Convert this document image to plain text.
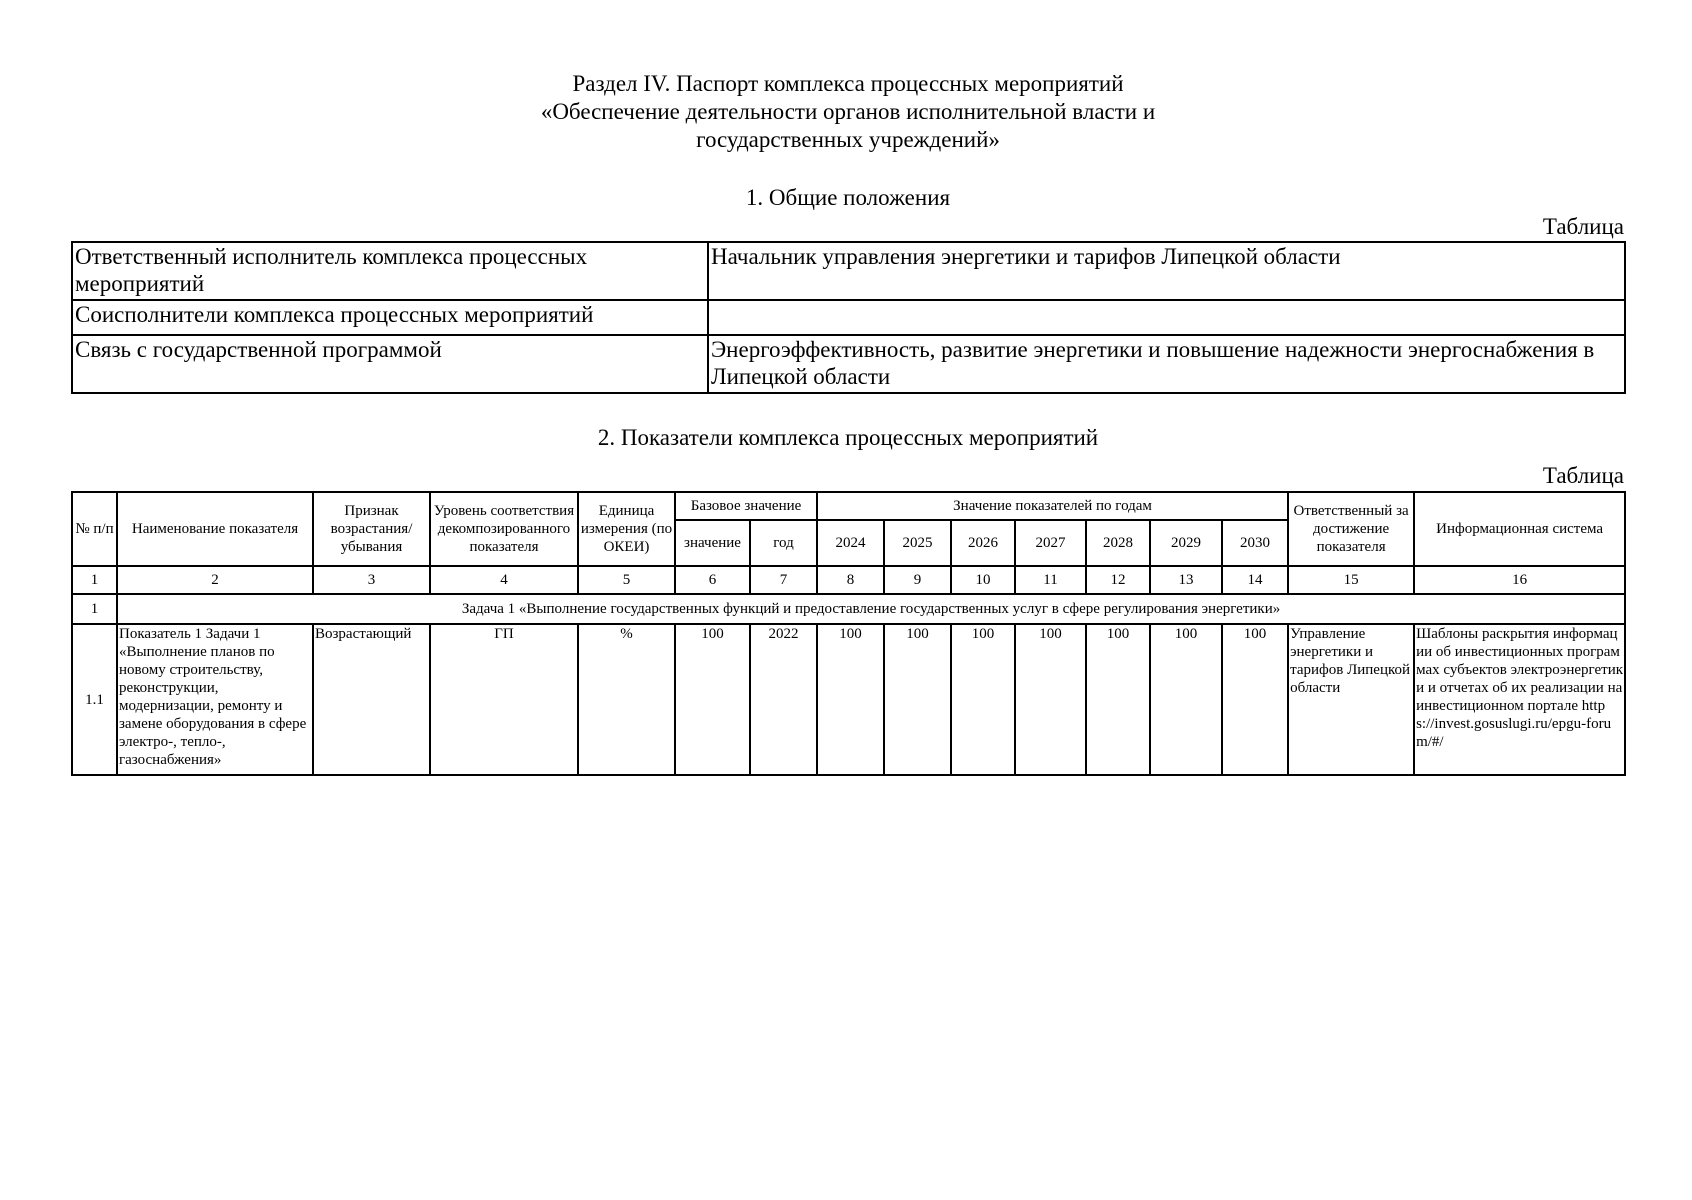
Раздел IV. Паспорт комплекса процессных мероприятий
«Обеспечение деятельности органов исполнительной власти и
государственных учреждений»
1. Общие положения
Таблица
Ответственный исполнитель комплекса процессных мероприятий	Начальник управления энергетики и тарифов Липецкой области
Соисполнители комплекса процессных мероприятий	
Связь с государственной программой	Энергоэффективность, развитие энергетики и повышение надежности энергоснабжения в Липецкой области
2. Показатели комплекса процессных мероприятий
Таблица
№ п/п	Наименование показателя	Признак возрастания/ убывания	Уровень соответствия декомпозированного показателя	Единица измерения (по ОКЕИ)	Базовое значение		Значение показателей по годам							Ответственный за достижение показателя	Информационная система
					значение	год	2024	2025	2026	2027	2028	2029	2030		
1	2	3	4	5	6	7	8	9	10	11	12	13	14	15	16
1	Задача 1 «Выполнение государственных функций и предоставление государственных услуг в сфере регулирования энергетики»														
1.1	Показатель 1 Задачи 1 «Выполнение планов по новому строительству, реконструкции, модернизации, ремонту и замене оборудования в сфере электро-, тепло-, газоснабжения»	Возрастающий	ГП	%	100	2022	100	100	100	100	100	100	100	Управление энергетики и тарифов Липецкой области	Шаблоны раскрытия информации об инвестиционных программах субъектов электроэнергетики и отчетах об их реализации на инвестиционном портале https://invest.gosuslugi.ru/epgu-forum/#/
